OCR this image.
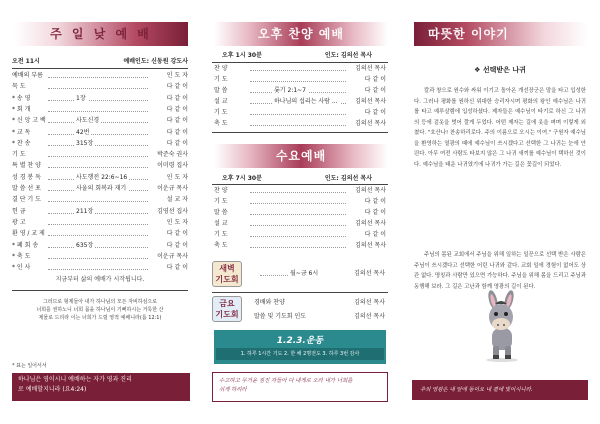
주 일 낮 예 배
오전 11시	예배인도: 신동원 강도사
예배의 부름	인 도 자
묵 도	다 같 이
* 송 영	1장	다 같 이
* 회 개	다 같 이
* 신 앙 고 백	사도신경	다 같 이
* 교 독	42번	다 같 이
* 찬 송	315장	다 같 이
기 도	박준숙 권사
특 별 찬 양	이미령 집사
성 경 봉 독	사도행전 22:6~16	인 도 자
말 씀 선 포	사울의 회복과 재기	이운규 목사
결 단 기 도	설 교 자
헌 금	211장	김영선 집사
광 고	인 도 자
환 영 / 교 제	다 같 이
* 폐 회 송	635장	다 같 이
* 축 도	이운규 목사
* 인 사	다 같 이
지금부터 삶의 예배가 시작됩니다.
그러므로 형제들아 내가 하나님의 모든 자비하심으로
너희를 권하노니 너희 몸을 하나님이 기뻐하시는 거룩한 산
제물로 드리라 이는 너희가 드릴 영적 예배니라(롬 12:1)
* 표는 일어서서
하나님은 영이시니 예배하는 자가 영과 진리
로 예배할지니라 (요4:24)
오후 찬양 예배
오후 1시 30분	인도: 김의선 목사
찬 양	김의선 목사
기 도	다 같 이
말 씀	롯기 2:1~7	다 같 이
설 교	하나님의 섭리는 사람 ...	김의선 목사
기 도	다 같 이
축 도	김의선 목사
수요예배
오후 7시 30분	인도: 김의선 목사
찬 양	김의선 목사
기 도	다 같 이
말 씀	다 같 이
설 교	김의선 목사
기 도	다 같 이
축 도	김의선 목사
새벽
기도회
월~금 6시	김의선 목사
금요
기도회
경배와 찬양	김의선 목사
말씀 및 기도회 인도	김의선 목사
1.2.3.운동
1. 하루 1시간 기도 2. 한 해 2명전도 3. 하루 3번 감사
수고하고 무거운 짐진 자들아 다 내게로 오라 내가 너희를
쉬게 하리라
따뜻한 이야기
❖ 선택받은 나귀
칼과 창으로 원수와 싸워 이기고 돌아온 개선장군은 말을 타고 입성한다. 그러나 평화를 원하신 위대한 승리자시며 평화의 왕인 예수님은 나귀를 타고 예루살렘에 입성하셨다. 제자들은 예수님이 타기로 하신 그 나귀의 등에 겉옷을 벗어 깔게 두었다. 어떤 제자는 길에 옷을 펴며 이렇게 외쳤다. "호산나! 찬송하리로다. 주의 이름으로 오시는 이여." 구원자 예수님을 환영하는 열광의 때에 예수님이 쓰시겠다고 선택한 그 나귀는 눈에 안 띈다. 아무 여전 사람도 타보지 않은 그 나귀 새끼를 예수님이 택하신 것이다. 예수님을 태운 나귀였기에 나귀가 가는 길은 꽃길이 되었다.
주님의 몸된 교회에서 주님을 위해 일하는 일꾼으로 선택 받은 사람은 주님이 쓰시겠다고 선택한 어린 나귀와 같다. 교회 일에 경험이 없어도 상관 없다. 명칭과 사람만 있으면 가능하다. 주님을 위해 몸을 드리고 주님과 동행해 보라. 그 길은 고난과 함께 영광의 길이 된다.
주의 영광은 내 앞에 등이요 내 곁에 빛이시니라.
